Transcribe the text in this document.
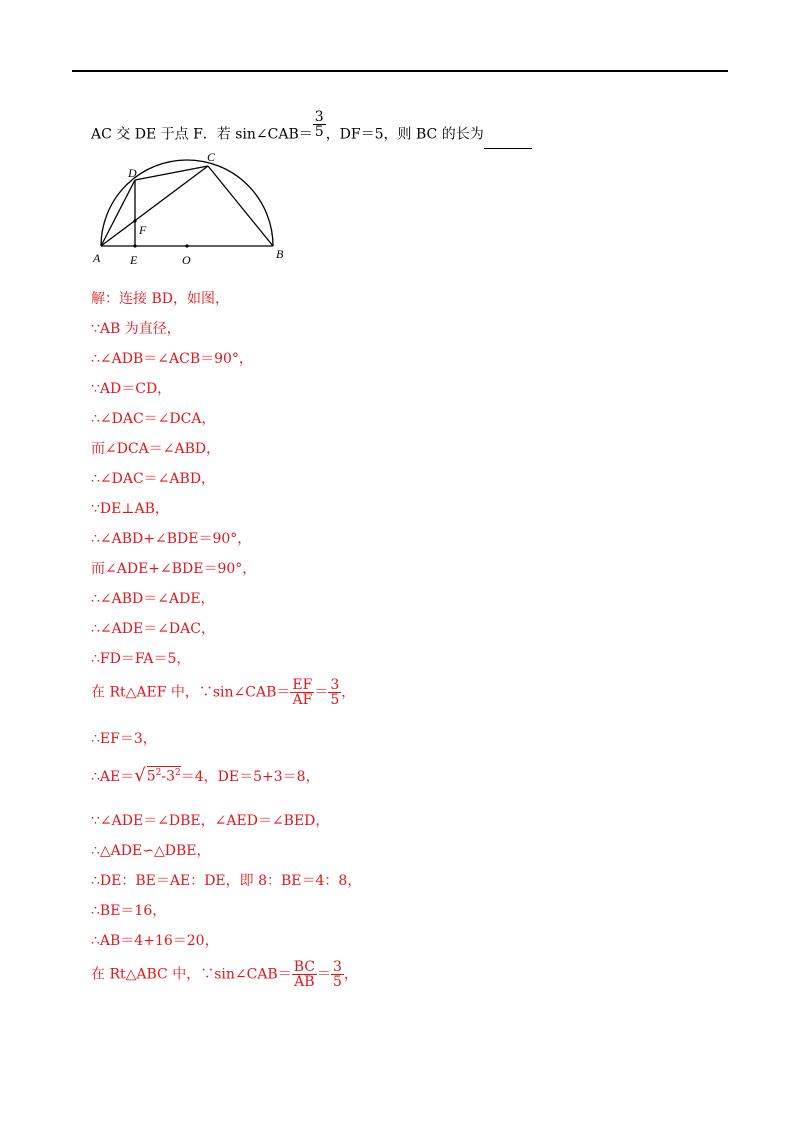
AC 交 DE 于点 F．若 sin∠CAB＝ $\frac{3}{5}$ ，DF＝5，则 BC 的长为
D
C
F
A E	O	B
解：连接 BD，如图，
∵AB 为直径，
∴∠ADB＝∠ACB＝90°，
∵AD＝CD，
∴∠DAC＝∠DCA，
而∠DCA＝∠ABD，
∴∠DAC＝∠ABD，
∵DE⊥AB，
∴∠ABD+∠BDE＝90°，
而∠ADE+∠BDE＝90°，
∴∠ABD＝∠ADE，
∴∠ADE＝∠DAC，
∴FD＝FA＝5，
在 Rt△AEF 中，∵sin∠CAB＝ $\frac{EF}{AF} = \frac{3}{5}$ ，
∴EF＝3，
$\therefore AE=√5^2-3^2=4$，DE＝5+3＝8，
∵∠ADE＝∠DBE，∠AED＝∠BED，
∴△ADE∽△DBE，
∴DE：BE＝AE：DE，即 8：BE＝4：8，
∴BE＝16，
∴AB＝4+16＝20，
在 Rt△ABC 中，∵sin∠CAB＝ $\frac{BC}{AB} = \frac{3}{5}$ ，
